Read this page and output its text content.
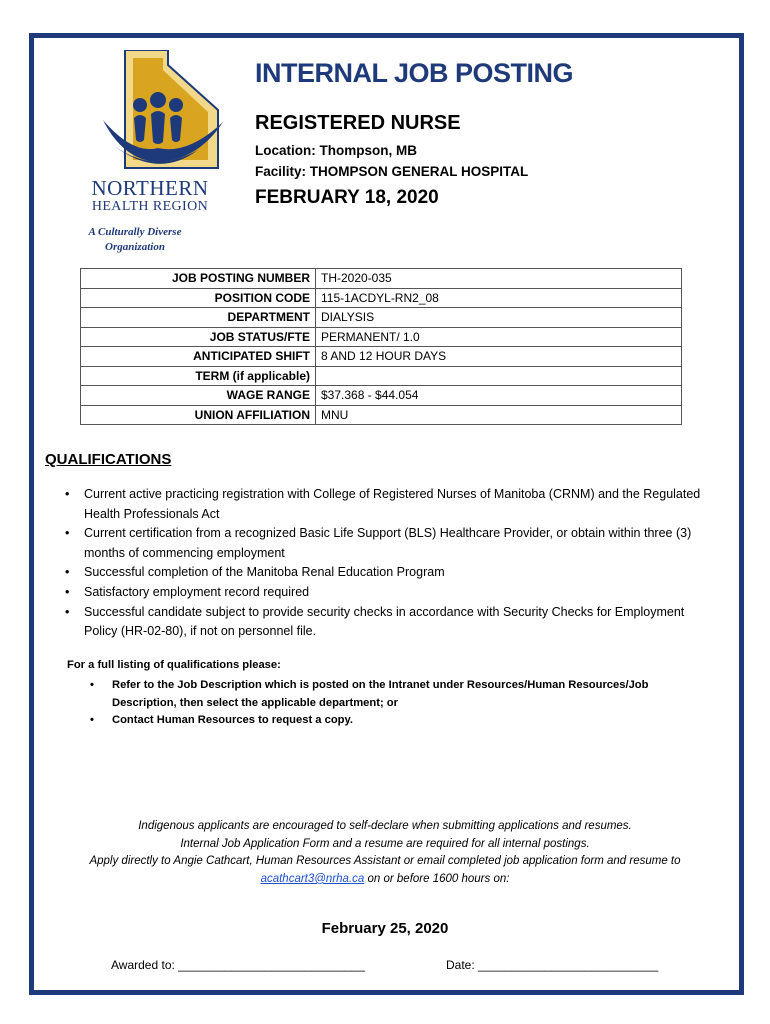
NORTHERN
HEALTH REGION
A Culturally Diverse
Organization
INTERNAL JOB POSTING
REGISTERED NURSE
Location: Thompson, MB
Facility: THOMPSON GENERAL HOSPITAL
FEBRUARY 18, 2020
JOB POSTING NUMBER	TH-2020-035
POSITION CODE	115-1ACDYL-RN2_08
DEPARTMENT	DIALYSIS
JOB STATUS/FTE	PERMANENT/ 1.0
ANTICIPATED SHIFT	8 AND 12 HOUR DAYS
TERM (if applicable)	
WAGE RANGE	$37.368 - $44.054
UNION AFFILIATION	MNU
QUALIFICATIONS
• Current active practicing registration with College of Registered Nurses of Manitoba (CRNM) and the Regulated Health Professionals Act
• Current certification from a recognized Basic Life Support (BLS) Healthcare Provider, or obtain within three (3) months of commencing employment
• Successful completion of the Manitoba Renal Education Program
• Satisfactory employment record required
• Successful candidate subject to provide security checks in accordance with Security Checks for Employment Policy (HR-02-80), if not on personnel file.
For a full listing of qualifications please:
• Refer to the Job Description which is posted on the Intranet under Resources/Human Resources/Job Description, then select the applicable department; or
• Contact Human Resources to request a copy.
Indigenous applicants are encouraged to self-declare when submitting applications and resumes.
Internal Job Application Form and a resume are required for all internal postings.
Apply directly to Angie Cathcart, Human Resources Assistant or email completed job application form and resume to
acathcart3@nrha.ca on or before 1600 hours on:
February 25, 2020
Awarded to: ____________________________	Date: ___________________________
